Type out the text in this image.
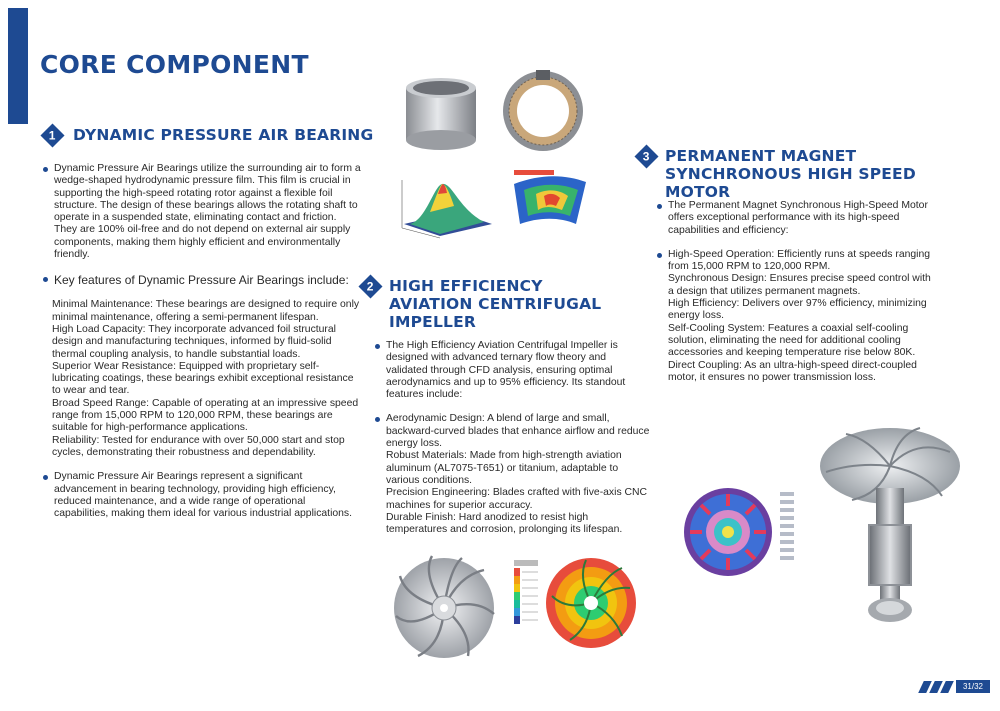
CORE COMPONENT
1 DYNAMIC PRESSURE AIR BEARING

Dynamic Pressure Air Bearings utilize the surrounding air to form a wedge-shaped hydrodynamic pressure film. This film is crucial in supporting the high-speed rotating rotor against a flexible foil structure. The design of these bearings allows the rotating shaft to operate in a suspended state, eliminating contact and friction. They are 100% oil-free and do not depend on external air supply components, making them highly efficient and environmentally friendly.

Key features of Dynamic Pressure Air Bearings include:

Minimal Maintenance: These bearings are designed to require only minimal maintenance, offering a semi-permanent lifespan.

High Load Capacity: They incorporate advanced foil structural design and manufacturing techniques, informed by fluid-solid thermal coupling analysis, to handle substantial loads.

Superior Wear Resistance: Equipped with proprietary self-lubricating coatings, these bearings exhibit exceptional resistance to wear and tear.

Broad Speed Range: Capable of operating at an impressive speed range from 15,000 RPM to 120,000 RPM, these bearings are suitable for high-performance applications.

Reliability: Tested for endurance with over 50,000 start and stop cycles, demonstrating their robustness and dependability.

Dynamic Pressure Air Bearings represent a significant advancement in bearing technology, providing high efficiency, reduced maintenance, and a wide range of operational capabilities, making them ideal for various industrial applications.

2 HIGH EFFICIENCY AVIATION CENTRIFUGAL IMPELLER

The High Efficiency Aviation Centrifugal Impeller is designed with advanced ternary flow theory and validated through CFD analysis, ensuring optimal aerodynamics and up to 95% efficiency. Its standout features include:

Aerodynamic Design: A blend of large and small, backward-curved blades that enhance airflow and reduce energy loss.

Robust Materials: Made from high-strength aviation aluminum (AL7075-T651) or titanium, adaptable to various conditions.

Precision Engineering: Blades crafted with five-axis CNC machines for superior accuracy.

Durable Finish: Hard anodized to resist high temperatures and corrosion, prolonging its lifespan.

3 PERMANENT MAGNET SYNCHRONOUS HIGH SPEED MOTOR

The Permanent Magnet Synchronous High-Speed Motor offers exceptional performance with its high-speed capabilities and efficiency:

High-Speed Operation: Efficiently runs at speeds ranging from 15,000 RPM to 120,000 RPM.

Synchronous Design: Ensures precise speed control with a design that utilizes permanent magnets.

High Efficiency: Delivers over 97% efficiency, minimizing energy loss.

Self-Cooling System: Features a coaxial self-cooling solution, eliminating the need for additional cooling accessories and keeping temperature rise below 80K.

Direct Coupling: As an ultra-high-speed direct-coupled motor, it ensures no power transmission loss.

31/32
